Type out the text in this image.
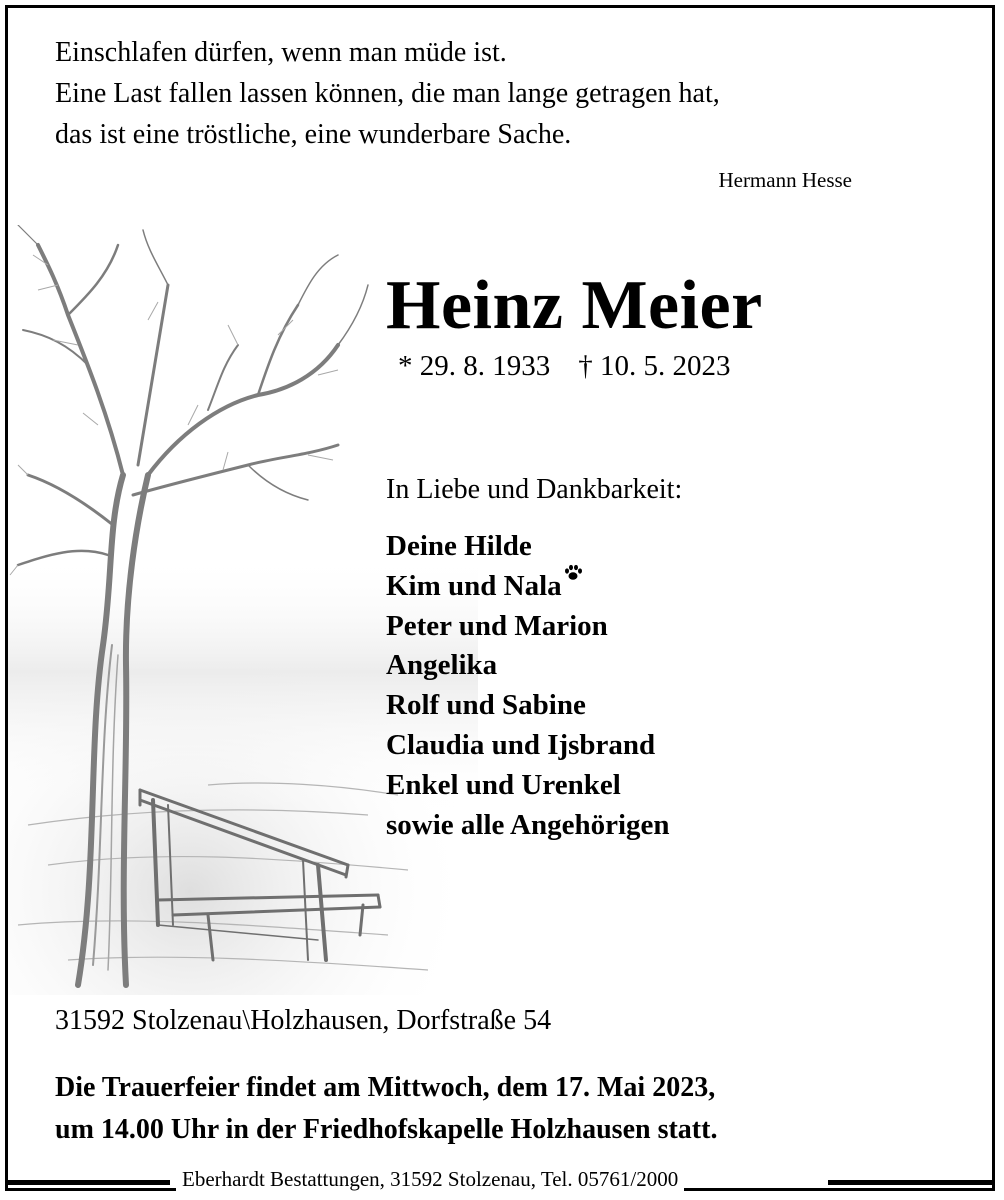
Einschlafen dürfen, wenn man müde ist.
Eine Last fallen lassen können, die man lange getragen hat,
das ist eine tröstliche, eine wunderbare Sache.
Hermann Hesse
Heinz Meier
* 29. 8. 1933 † 10. 5. 2023
In Liebe und Dankbarkeit:
Deine Hilde
Kim und Nala
Peter und Marion
Angelika
Rolf und Sabine
Claudia und Ijsbrand
Enkel und Urenkel
sowie alle Angehörigen
31592 Stolzenau\Holzhausen, Dorfstraße 54
Die Trauerfeier findet am Mittwoch, dem 17. Mai 2023,
um 14.00 Uhr in der Friedhofskapelle Holzhausen statt.
Eberhardt Bestattungen, 31592 Stolzenau, Tel. 05761/2000
